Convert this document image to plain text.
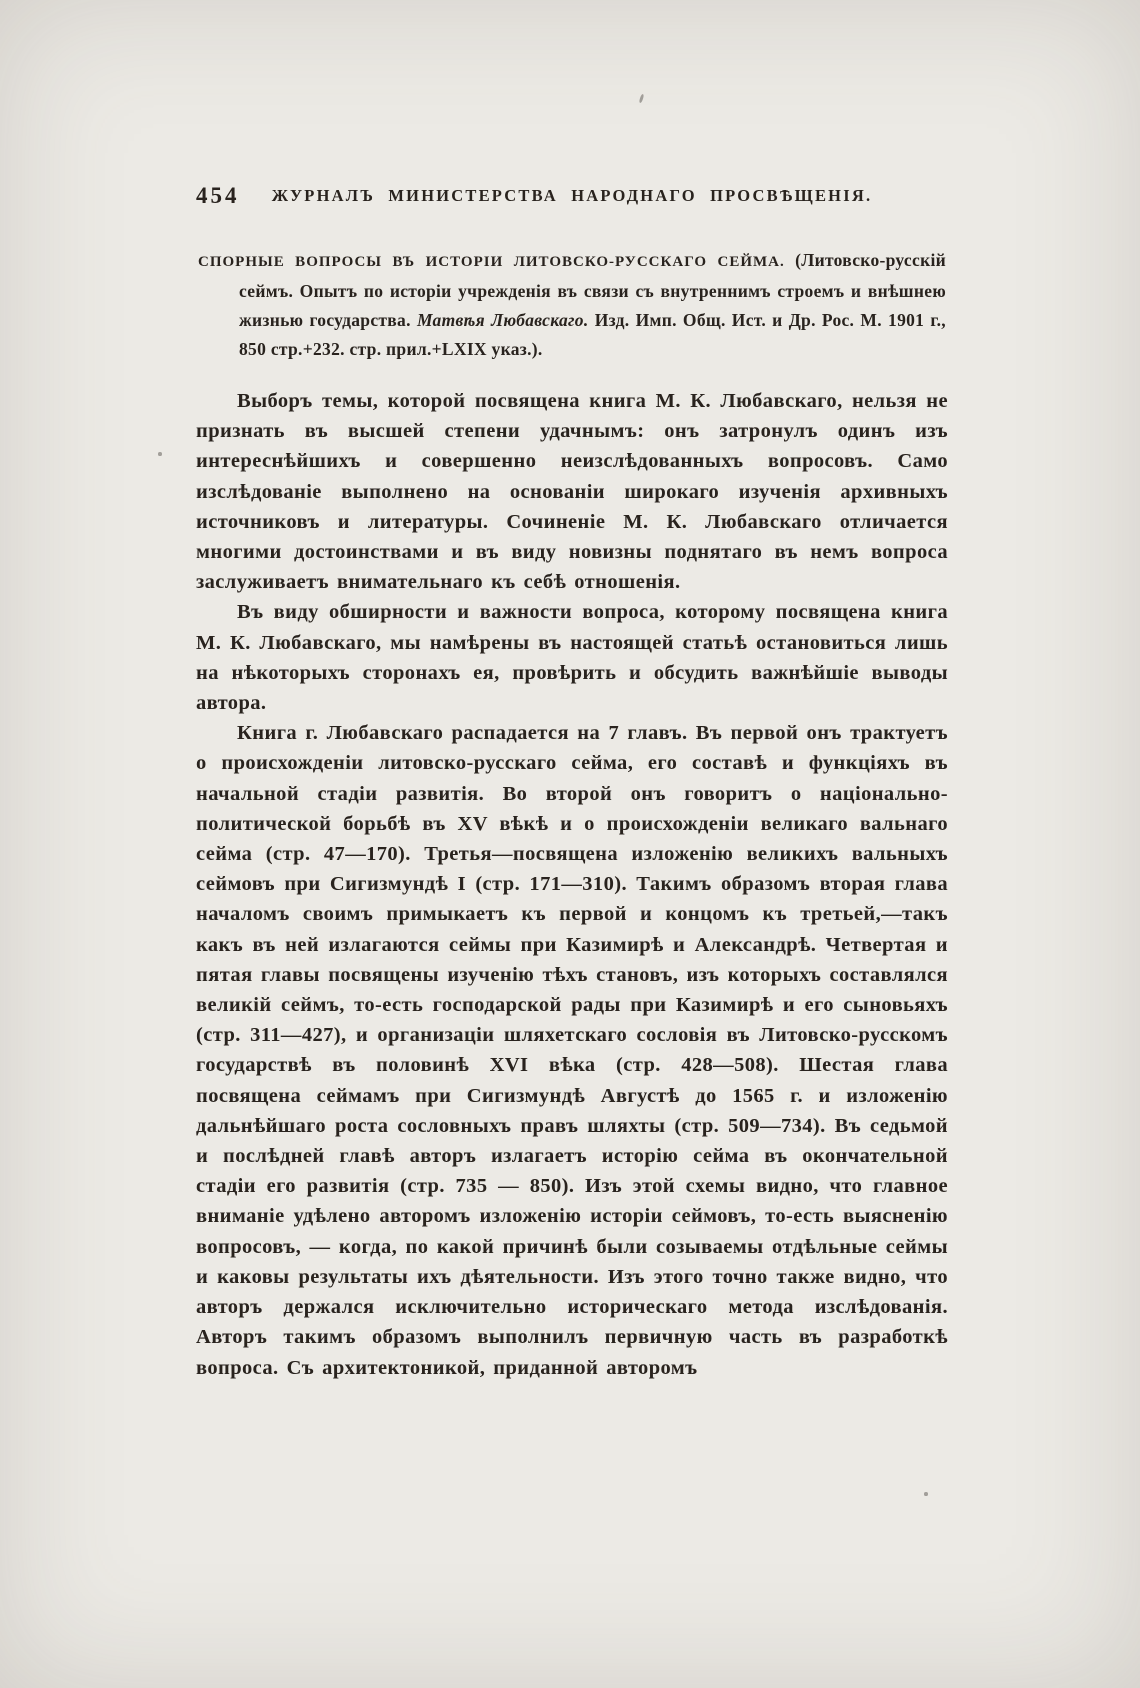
454	ЖУРНАЛЪ МИНИСТЕРСТВА НАРОДНАГО ПРОСВѢЩЕНІЯ.
СПОРНЫЕ ВОПРОСЫ ВЪ ИСТОРІИ ЛИТОВСКО-РУССКАГО СЕЙМА. (Литовско-русскій сеймъ. Опытъ по исторіи учрежденія въ связи съ внутреннимъ строемъ и внѣшнею жизнью государства. Матвѣя Любавскаго. Изд. Имп. Общ. Ист. и Др. Рос. М. 1901 г., 850 стр.+232. стр. прил.+LXIX указ.).

Выборъ темы, которой посвящена книга М. К. Любавскаго, нельзя не признать въ высшей степени удачнымъ: онъ затронулъ одинъ изъ интереснѣйшихъ и совершенно неизслѣдованныхъ вопросовъ. Само изслѣдованіе выполнено на основаніи широкаго изученія архивныхъ источниковъ и литературы. Сочиненіе М. К. Любавскаго отличается многими достоинствами и въ виду новизны поднятаго въ немъ вопроса заслуживаетъ внимательнаго къ себѣ отношенія.

Въ виду обширности и важности вопроса, которому посвящена книга М. К. Любавскаго, мы намѣрены въ настоящей статьѣ остановиться лишь на нѣкоторыхъ сторонахъ ея, провѣрить и обсудить важнѣйшіе выводы автора.

Книга г. Любавскаго распадается на 7 главъ. Въ первой онъ трактуетъ о происхожденіи литовско-русскаго сейма, его составѣ и функціяхъ въ начальной стадіи развитія. Во второй онъ говоритъ о національно-политической борьбѣ въ XV вѣкѣ и о происхожденіи великаго вальнаго сейма (стр. 47—170). Третья—посвящена изложенію великихъ вальныхъ сеймовъ при Сигизмундѣ I (стр. 171—310). Такимъ образомъ вторая глава началомъ своимъ примыкаетъ къ первой и концомъ къ третьей,—такъ какъ въ ней излагаются сеймы при Казимирѣ и Александрѣ. Четвертая и пятая главы посвящены изученію тѣхъ становъ, изъ которыхъ составлялся великій сеймъ, то-есть господарской рады при Казимирѣ и его сыновьяхъ (стр. 311—427), и организаціи шляхетскаго сословія въ Литовско-русскомъ государствѣ въ половинѣ XVI вѣка (стр. 428—508). Шестая глава посвящена сеймамъ при Сигизмундѣ Августѣ до 1565 г. и изложенію дальнѣйшаго роста сословныхъ правъ шляхты (стр. 509—734). Въ седьмой и послѣдней главѣ авторъ излагаетъ исторію сейма въ окончательной стадіи его развитія (стр. 735 — 850). Изъ этой схемы видно, что главное вниманіе удѣлено авторомъ изложенію исторіи сеймовъ, то-есть выясненію вопросовъ, — когда, по какой причинѣ были созываемы отдѣльные сеймы и каковы результаты ихъ дѣятельности. Изъ этого точно также видно, что авторъ держался исключительно историческаго метода изслѣдованія. Авторъ такимъ образомъ выполнилъ первичную часть въ разработкѣ вопроса. Съ архитектоникой, приданной авторомъ
